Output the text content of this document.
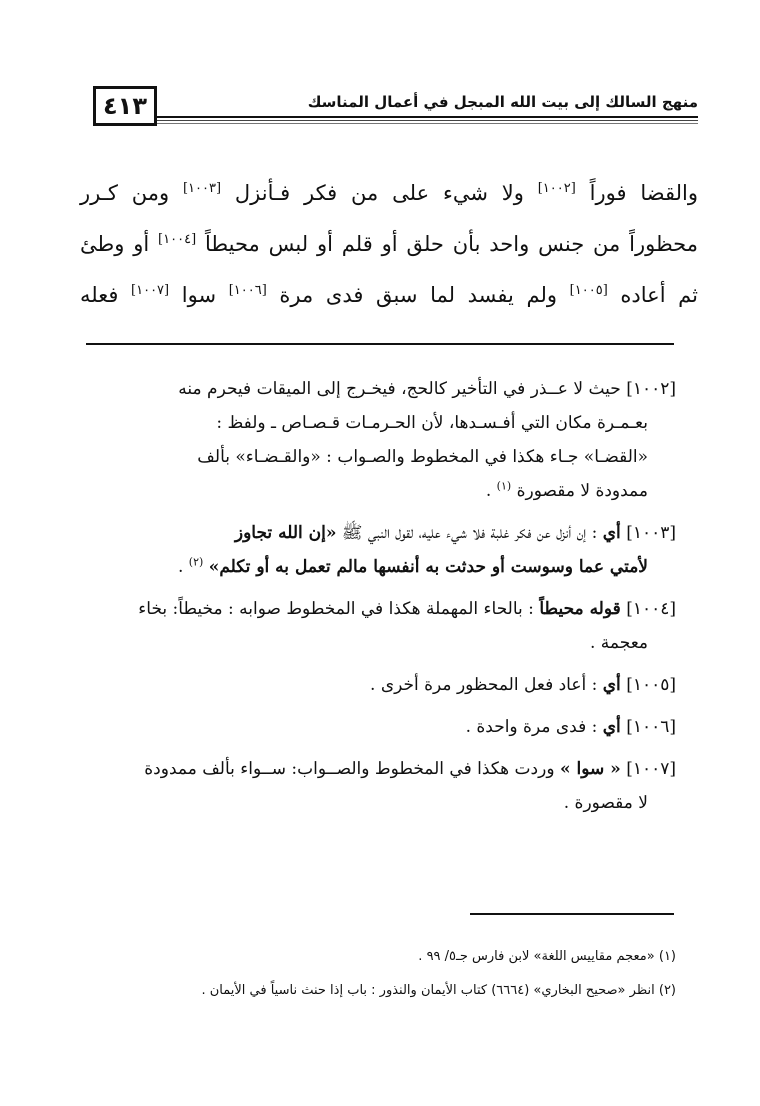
منهج السالك إلى بيت الله المبجل في أعمال المناسك
٤١٣
والقضا فوراً [١٠٠٢] ولا شيء على من فكر فـأنزل [١٠٠٣] ومن كـرر
محظوراً من جنس واحد بأن حلق أو قلم أو لبس محيطاً [١٠٠٤] أو وطئ
ثم أعاده [١٠٠٥] ولم يفسد لما سبق فدى مرة [١٠٠٦] سوا [١٠٠٧] فعله
[١٠٠٢] حيث لا عــذر في التأخير كالحج، فيخـرج إلى الميقات فيحرم منه
بعـمـرة مكان التي أفـسـدها، لأن الحـرمـات قـصـاص ـ ولفظ :
«القضـا» جـاء هكذا في المخطوط والصـواب : «والقـضـاء» بألف
ممدودة لا مقصورة $^{(١)}$ .
[١٠٠٣] أي : إن أنزل عن فكر غلبة فلا شيء عليه، لقول النبي ﷺ «إن الله تجاوز
لأمتي عما وسوست أو حدثت به أنفسها مالم تعمل به أو تكلم» $^{(٢)}$ .
[١٠٠٤] قوله محيطاً : بالحاء المهملة هكذا في المخطوط صوابه : مخيطاً: بخاء
معجمة .
[١٠٠٥] أي : أعاد فعل المحظور مرة أخرى .
[١٠٠٦] أي : فدى مرة واحدة .
[١٠٠٧] « سوا » وردت هكذا في المخطوط والصــواب: ســواء بألف ممدودة
لا مقصورة .
(١) «معجم مقاييس اللغة» لابن فارس جـ٥/ ٩٩ .
(٢) انظر «صحيح البخاري» (٦٦٦٤) كتاب الأيمان والنذور : باب إذا حنث ناسياً في الأيمان .
